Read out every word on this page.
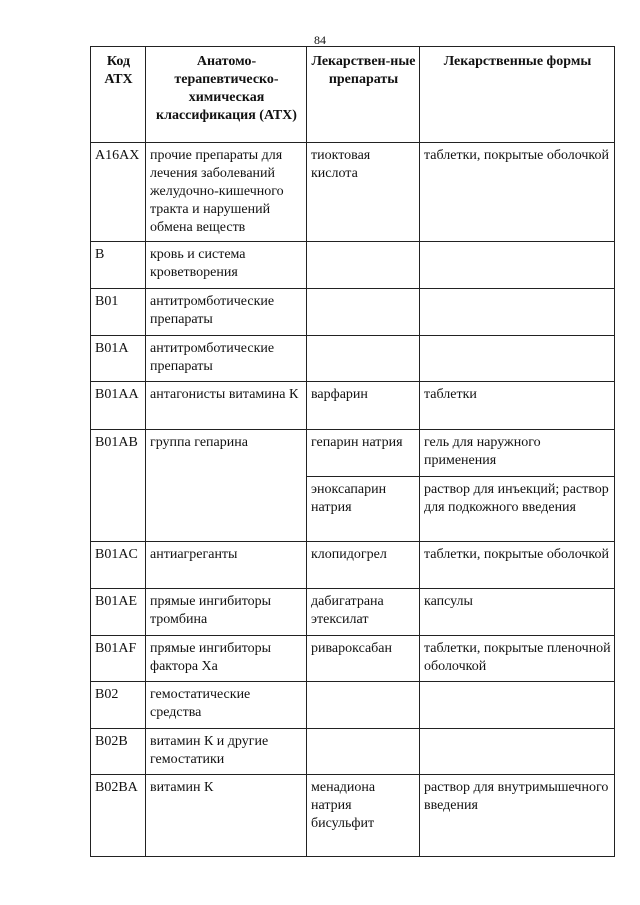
84
Код АТХ	Анатомо-терапевтическо-химическая классификация (АТХ)	Лекарствен-ные препараты	Лекарственные формы
A16AX	прочие препараты для лечения заболеваний желудочно-кишечного тракта и нарушений обмена веществ	тиоктовая кислота	таблетки, покрытые оболочкой
B	кровь и система кроветворения		
B01	антитромботические препараты		
B01A	антитромботические препараты		
B01AA	антагонисты витамина К	варфарин	таблетки
B01AB	группа гепарина	гепарин натрия	гель для наружного применения
		эноксапарин натрия	раствор для инъекций; раствор для подкожного введения
B01AC	антиагреганты	клопидогрел	таблетки, покрытые оболочкой
B01AE	прямые ингибиторы тромбина	дабигатрана этексилат	капсулы
B01AF	прямые ингибиторы фактора Ха	ривароксабан	таблетки, покрытые пленочной оболочкой
B02	гемостатические средства		
B02B	витамин К и другие гемостатики		
B02BA	витамин К	менадиона натрия бисульфит	раствор для внутримышечного введения
